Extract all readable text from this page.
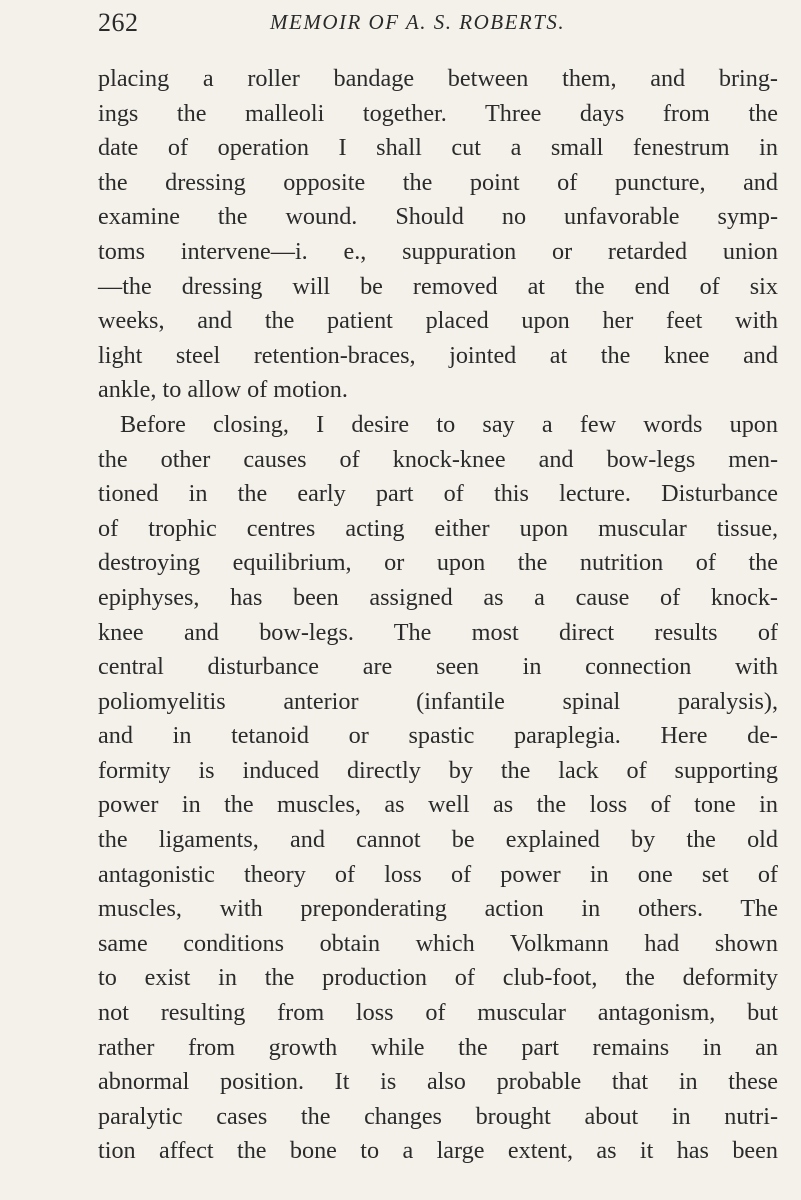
262	MEMOIR OF A. S. ROBERTS.
placing a roller bandage between them, and bring-
ings the malleoli together. Three days from the
date of operation I shall cut a small fenestrum in
the dressing opposite the point of puncture, and
examine the wound. Should no unfavorable symp-
toms intervene—i. e., suppuration or retarded union
—the dressing will be removed at the end of six
weeks, and the patient placed upon her feet with
light steel retention-braces, jointed at the knee and
ankle, to allow of motion.
Before closing, I desire to say a few words upon
the other causes of knock-knee and bow-legs men-
tioned in the early part of this lecture. Disturbance
of trophic centres acting either upon muscular tissue,
destroying equilibrium, or upon the nutrition of the
epiphyses, has been assigned as a cause of knock-
knee and bow-legs. The most direct results of
central disturbance are seen in connection with
poliomyelitis anterior (infantile spinal paralysis),
and in tetanoid or spastic paraplegia. Here de-
formity is induced directly by the lack of supporting
power in the muscles, as well as the loss of tone in
the ligaments, and cannot be explained by the old
antagonistic theory of loss of power in one set of
muscles, with preponderating action in others. The
same conditions obtain which Volkmann had shown
to exist in the production of club-foot, the deformity
not resulting from loss of muscular antagonism, but
rather from growth while the part remains in an
abnormal position. It is also probable that in these
paralytic cases the changes brought about in nutri-
tion affect the bone to a large extent, as it has been
